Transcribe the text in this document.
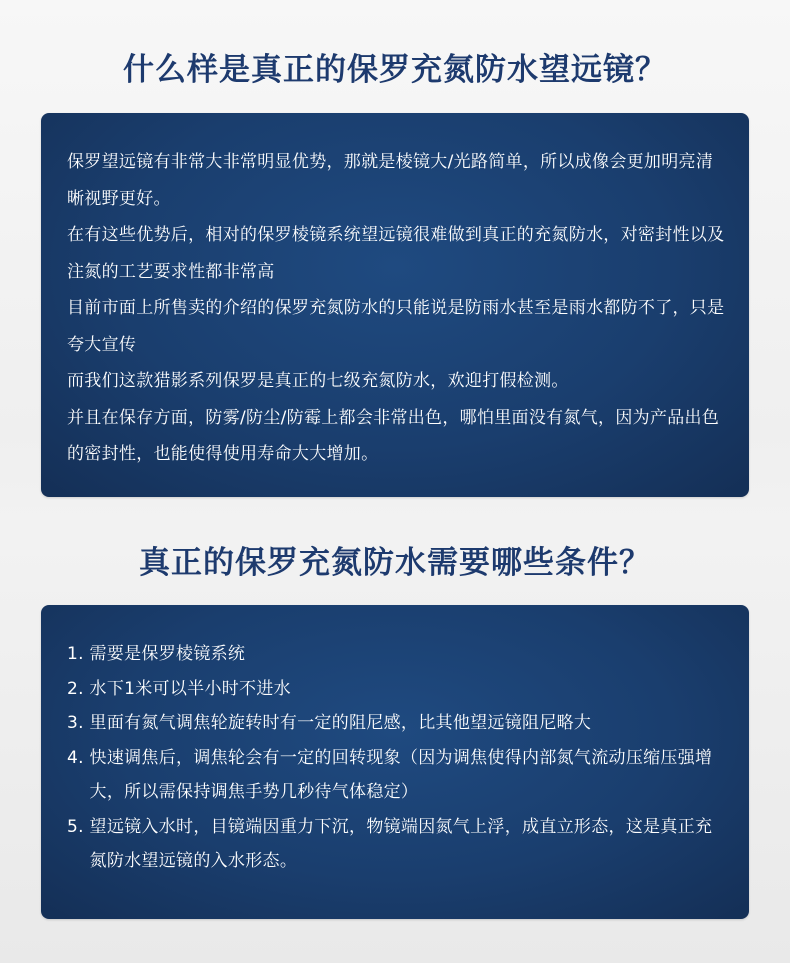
什么样是真正的保罗充氮防水望远镜？

保罗望远镜有非常大非常明显优势，那就是棱镜大/光路简单，所以成像会更加明亮清晰视野更好。

在有这些优势后，相对的保罗棱镜系统望远镜很难做到真正的充氮防水，对密封性以及注氮的工艺要求性都非常高

目前市面上所售卖的介绍的保罗充氮防水的只能说是防雨水甚至是雨水都防不了，只是夸大宣传

而我们这款猎影系列保罗是真正的七级充氮防水，欢迎打假检测。

并且在保存方面，防雾/防尘/防霉上都会非常出色，哪怕里面没有氮气，因为产品出色的密封性，也能使得使用寿命大大增加。

真正的保罗充氮防水需要哪些条件？
1. 需要是保罗棱镜系统
2. 水下1米可以半小时不进水
3. 里面有氮气调焦轮旋转时有一定的阻尼感，比其他望远镜阻尼略大
4. 快速调焦后，调焦轮会有一定的回转现象（因为调焦使得内部氮气流动压缩压强增大，所以需保持调焦手势几秒待气体稳定）
5. 望远镜入水时，目镜端因重力下沉，物镜端因氮气上浮，成直立形态，这是真正充氮防水望远镜的入水形态。
